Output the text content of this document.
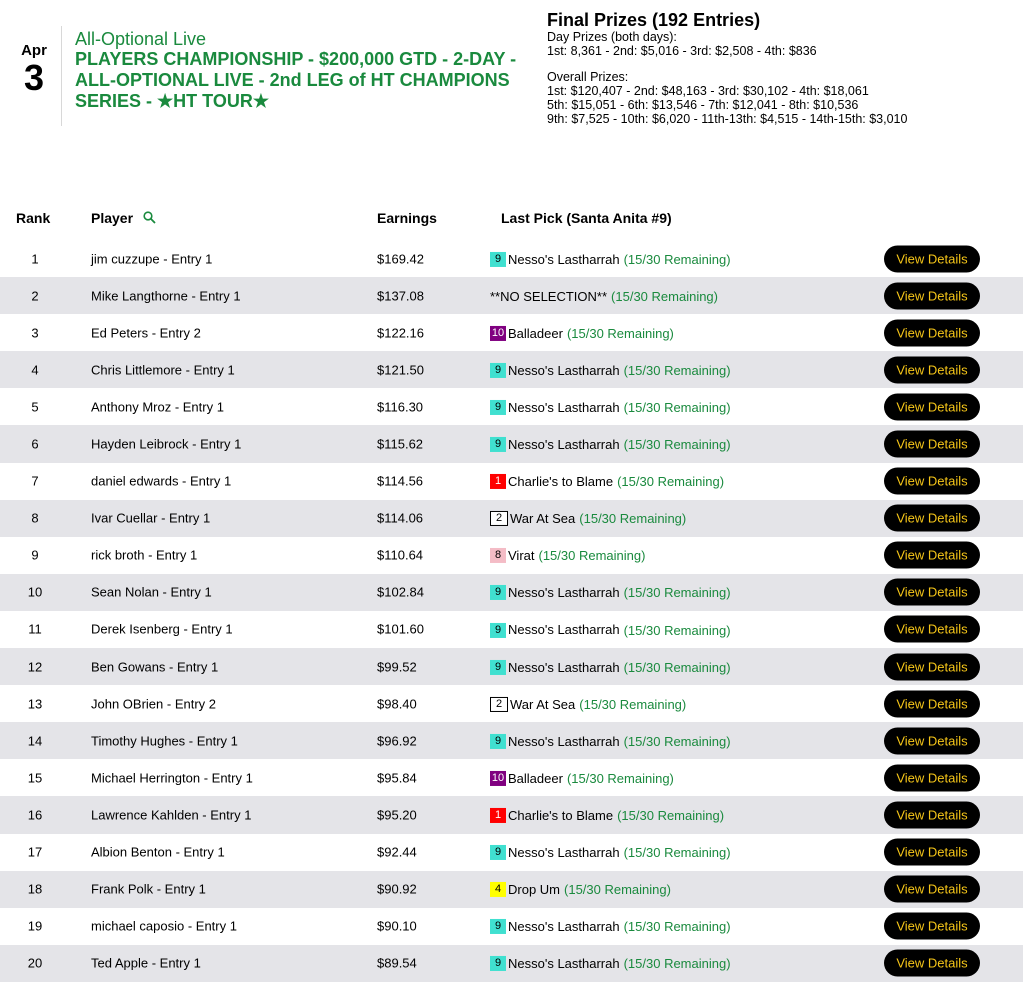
Apr
3
All-Optional Live
PLAYERS CHAMPIONSHIP - $200,000 GTD - 2-DAY - ALL-OPTIONAL LIVE - 2nd LEG of HT CHAMPIONS SERIES - ★HT TOUR★
Final Prizes (192 Entries)
Day Prizes (both days):
1st: 8,361 - 2nd: $5,016 - 3rd: $2,508 - 4th: $836
Overall Prizes:
1st: $120,407 - 2nd: $48,163 - 3rd: $30,102 - 4th: $18,061
5th: $15,051 - 6th: $13,546 - 7th: $12,041 - 8th: $10,536
9th: $7,525 - 10th: $6,020 - 11th-13th: $4,515 - 14th-15th: $3,010
Rank	Player	Earnings	Last Pick (Santa Anita #9)
1	jim cuzzupe - Entry 1	$169.42	9 Nesso's Lastharrah (15/30 Remaining)	View Details
2	Mike Langthorne - Entry 1	$137.08	**NO SELECTION** (15/30 Remaining)	View Details
3	Ed Peters - Entry 2	$122.16	10 Balladeer (15/30 Remaining)	View Details
4	Chris Littlemore - Entry 1	$121.50	9 Nesso's Lastharrah (15/30 Remaining)	View Details
5	Anthony Mroz - Entry 1	$116.30	9 Nesso's Lastharrah (15/30 Remaining)	View Details
6	Hayden Leibrock - Entry 1	$115.62	9 Nesso's Lastharrah (15/30 Remaining)	View Details
7	daniel edwards - Entry 1	$114.56	1 Charlie's to Blame (15/30 Remaining)	View Details
8	Ivar Cuellar - Entry 1	$114.06	2 War At Sea (15/30 Remaining)	View Details
9	rick broth - Entry 1	$110.64	8 Virat (15/30 Remaining)	View Details
10	Sean Nolan - Entry 1	$102.84	9 Nesso's Lastharrah (15/30 Remaining)	View Details
11	Derek Isenberg - Entry 1	$101.60	9 Nesso's Lastharrah (15/30 Remaining)	View Details
12	Ben Gowans - Entry 1	$99.52	9 Nesso's Lastharrah (15/30 Remaining)	View Details
13	John OBrien - Entry 2	$98.40	2 War At Sea (15/30 Remaining)	View Details
14	Timothy Hughes - Entry 1	$96.92	9 Nesso's Lastharrah (15/30 Remaining)	View Details
15	Michael Herrington - Entry 1	$95.84	10 Balladeer (15/30 Remaining)	View Details
16	Lawrence Kahlden - Entry 1	$95.20	1 Charlie's to Blame (15/30 Remaining)	View Details
17	Albion Benton - Entry 1	$92.44	9 Nesso's Lastharrah (15/30 Remaining)	View Details
18	Frank Polk - Entry 1	$90.92	4 Drop Um (15/30 Remaining)	View Details
19	michael caposio - Entry 1	$90.10	9 Nesso's Lastharrah (15/30 Remaining)	View Details
20	Ted Apple - Entry 1	$89.54	9 Nesso's Lastharrah (15/30 Remaining)	View Details
